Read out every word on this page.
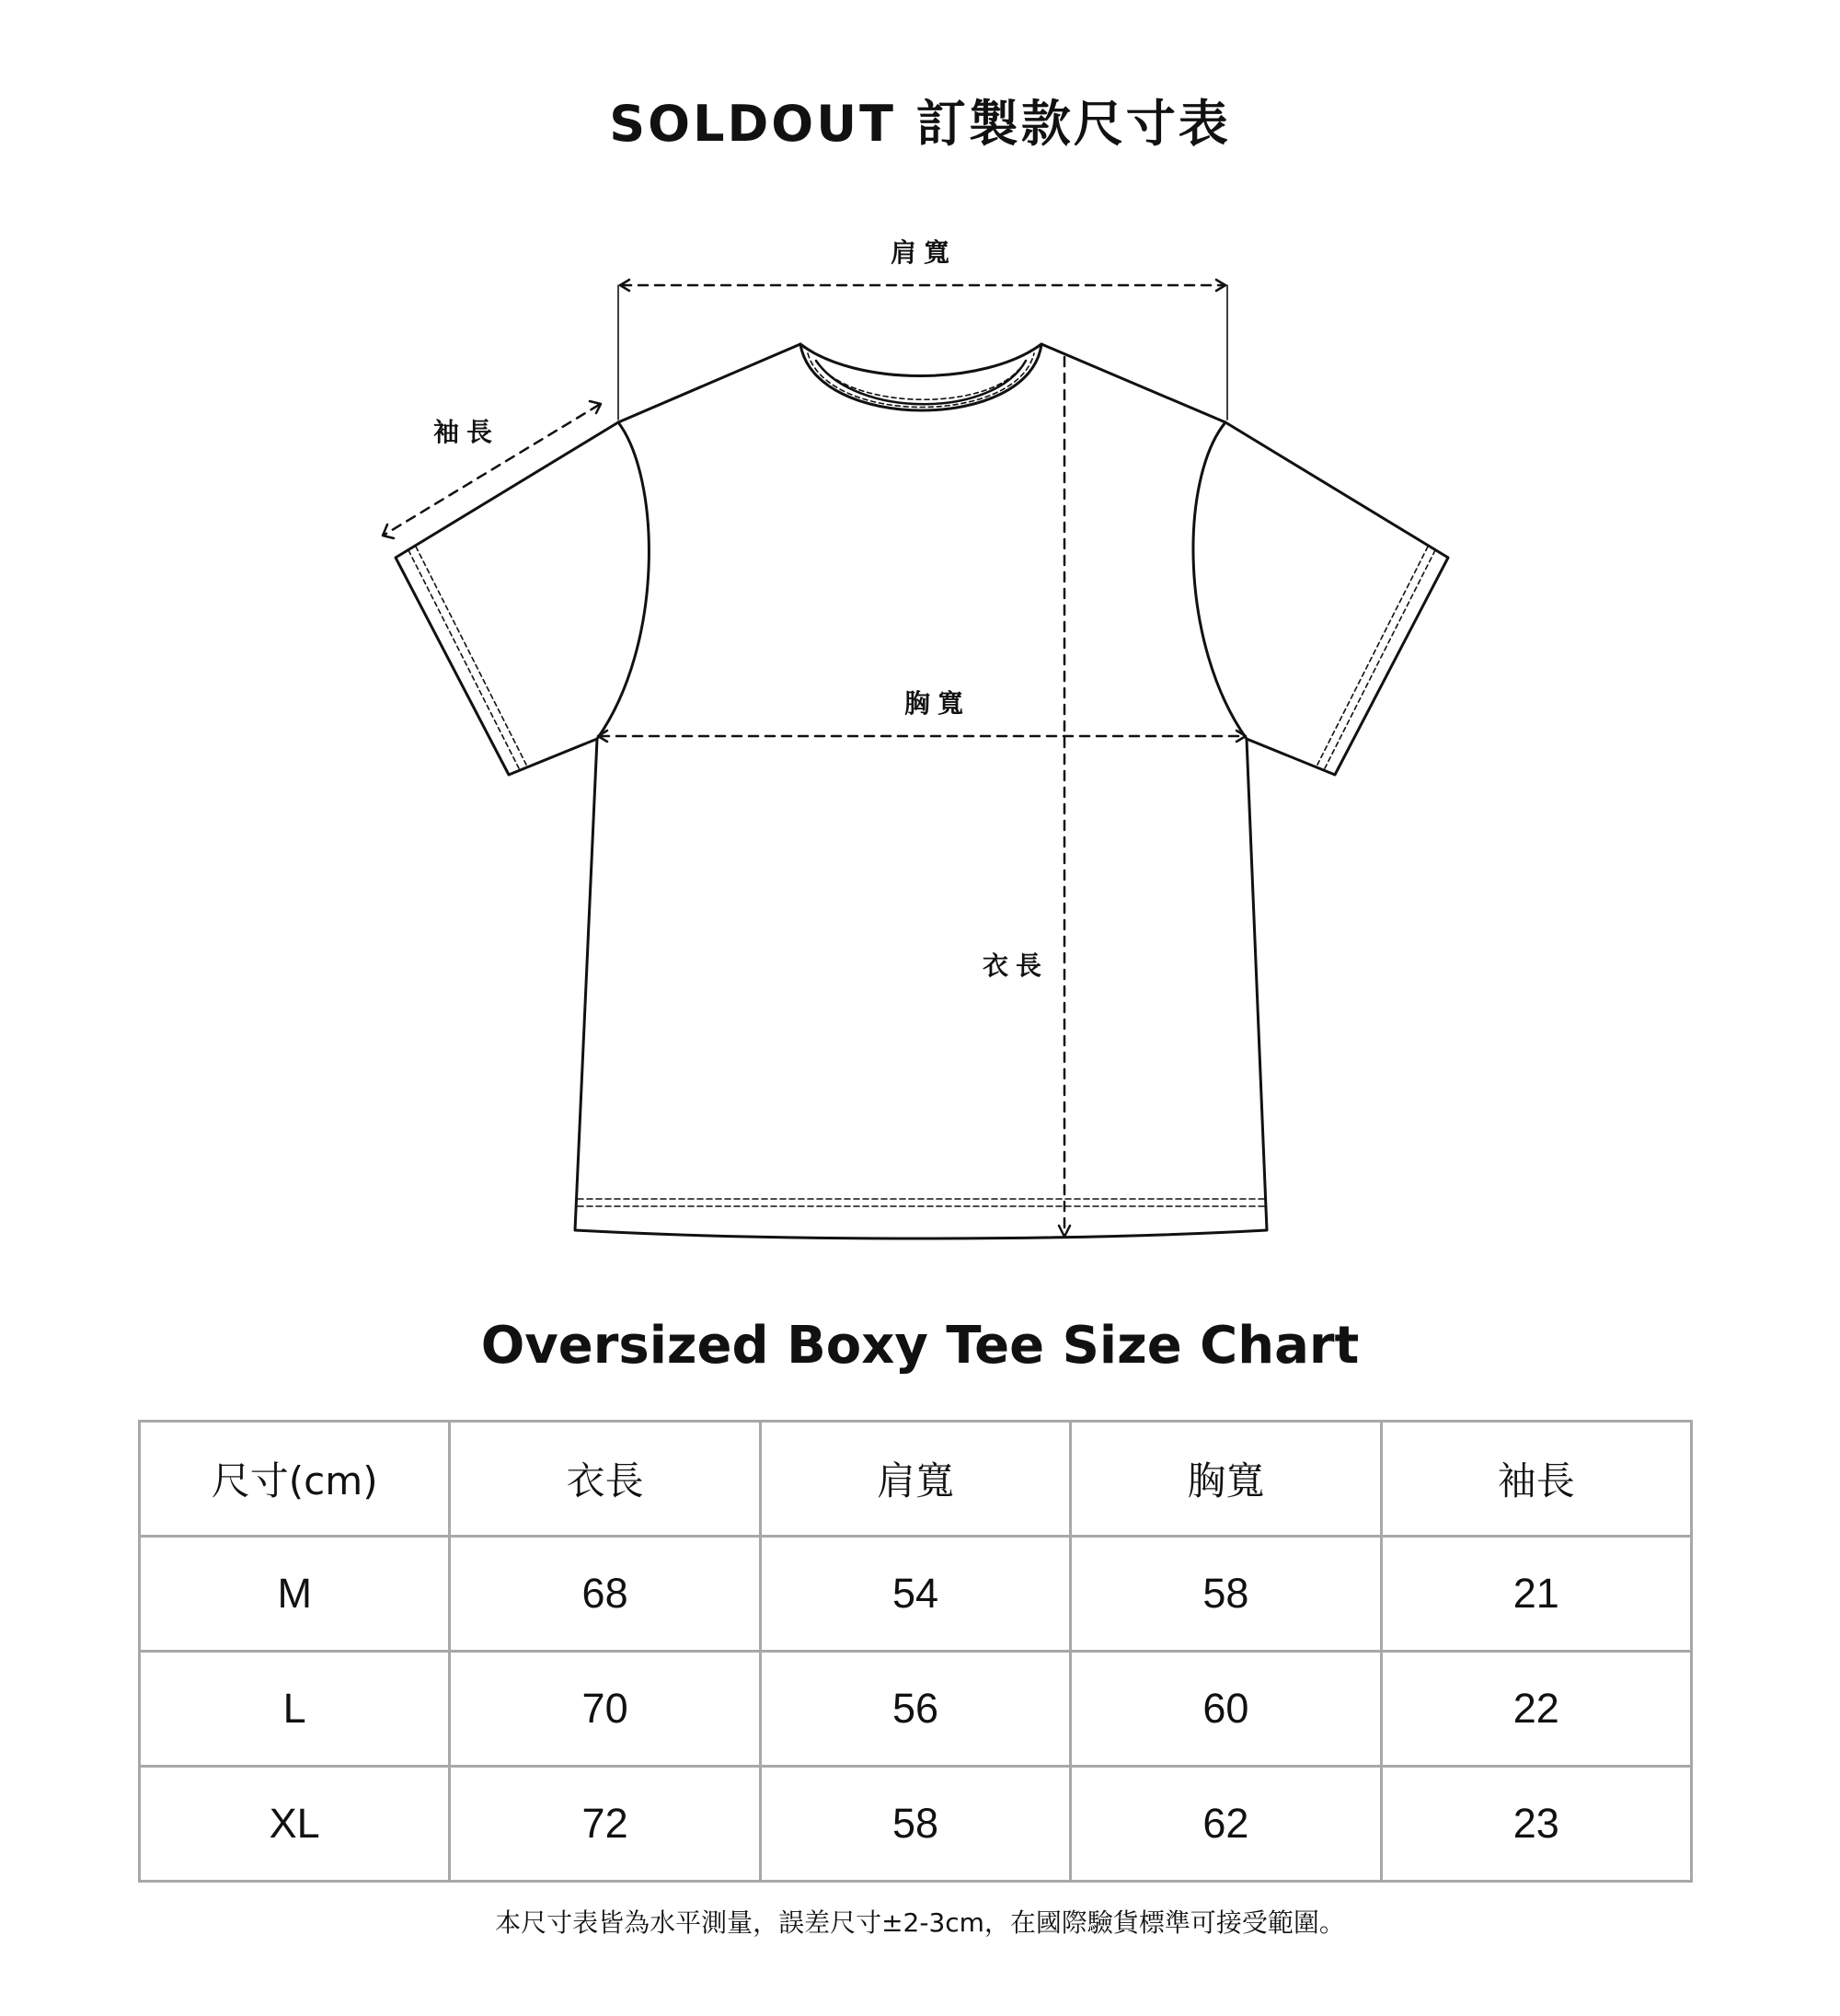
SOLDOUT 訂製款尺寸表
肩寬
袖長
胸寬
衣長
Oversized Boxy Tee Size Chart
尺寸(cm)	衣長	肩寬	胸寬	袖長
M	68	54	58	21
L	70	56	60	22
XL	72	58	62	23
本尺寸表皆為水平測量，誤差尺寸±2-3cm，在國際驗貨標準可接受範圍。
